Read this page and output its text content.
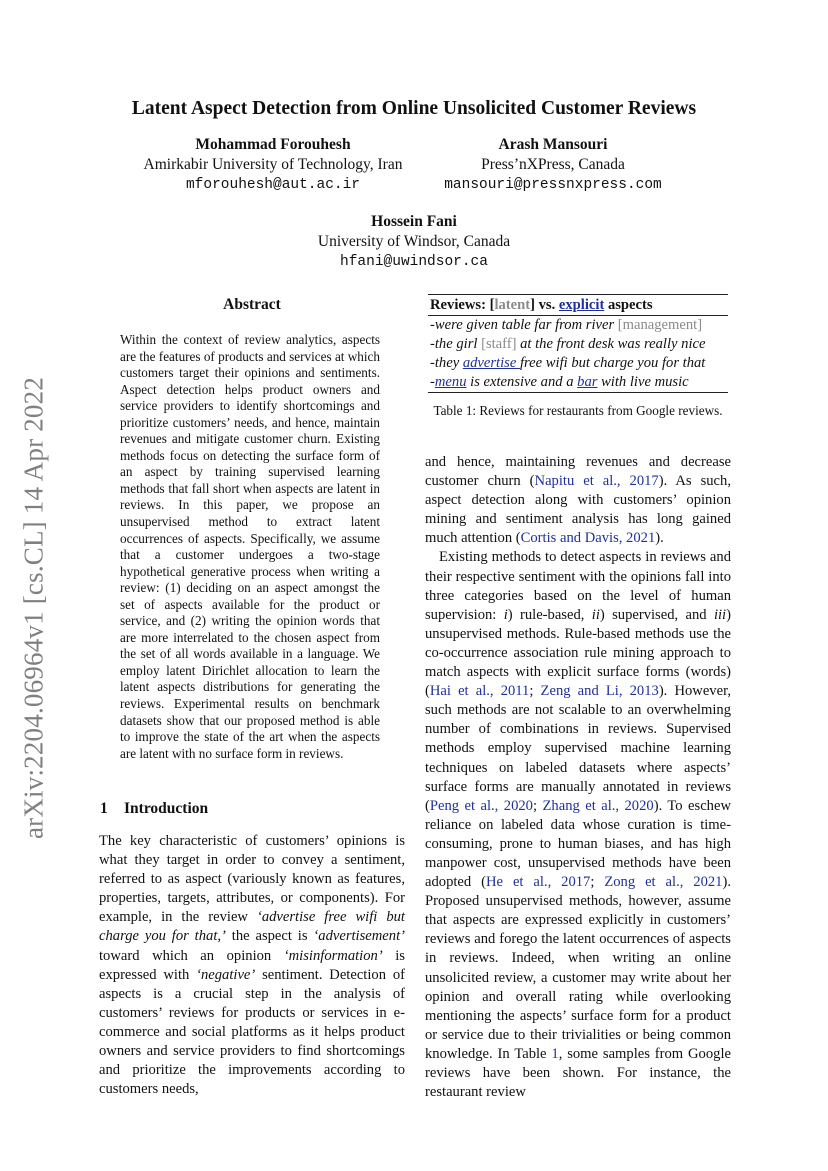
arXiv:2204.06964v1 [cs.CL] 14 Apr 2022
Latent Aspect Detection from Online Unsolicited Customer Reviews
Mohammad Forouhesh
Amirkabir University of Technology, Iran
mforouhesh@aut.ac.ir
Arash Mansouri
Press’nXPress, Canada
mansouri@pressnxpress.com
Hossein Fani
University of Windsor, Canada
hfani@uwindsor.ca
Abstract
Within the context of review analytics, aspects are the features of products and services at which customers target their opinions and sentiments. Aspect detection helps product owners and service providers to identify shortcomings and prioritize customers’ needs, and hence, maintain revenues and mitigate customer churn. Existing methods focus on detecting the surface form of an aspect by training supervised learning methods that fall short when aspects are latent in reviews. In this paper, we propose an unsupervised method to extract latent occurrences of aspects. Specifically, we assume that a customer undergoes a two-stage hypothetical generative process when writing a review: (1) deciding on an aspect amongst the set of aspects available for the product or service, and (2) writing the opinion words that are more interrelated to the chosen aspect from the set of all words available in a language. We employ latent Dirichlet allocation to learn the latent aspects distributions for generating the reviews. Experimental results on benchmark datasets show that our proposed method is able to improve the state of the art when the aspects are latent with no surface form in reviews.
Reviews: [latent] vs. explicit aspects
-were given table far from river [management]
-the girl [staff] at the front desk was really nice
-they advertise free wifi but charge you for that
-menu is extensive and a bar with live music
Table 1: Reviews for restaurants from Google reviews.
1 Introduction

The key characteristic of customers’ opinions is what they target in order to convey a sentiment, referred to as aspect (variously known as features, properties, targets, attributes, or components). For example, in the review ‘advertise free wifi but charge you for that,’ the aspect is ‘advertisement’ toward which an opinion ‘misinformation’ is expressed with ‘negative’ sentiment. Detection of aspects is a crucial step in the analysis of customers’ reviews for products or services in e-commerce and social platforms as it helps product owners and service providers to find shortcomings and prioritize the improvements according to customers needs,

and hence, maintaining revenues and decrease customer churn (Napitu et al., 2017). As such, aspect detection along with customers’ opinion mining and sentiment analysis has long gained much attention (Cortis and Davis, 2021).

Existing methods to detect aspects in reviews and their respective sentiment with the opinions fall into three categories based on the level of human supervision: i) rule-based, ii) supervised, and iii) unsupervised methods. Rule-based methods use the co-occurrence association rule mining approach to match aspects with explicit surface forms (words) (Hai et al., 2011; Zeng and Li, 2013). However, such methods are not scalable to an overwhelming number of combinations in reviews. Supervised methods employ supervised machine learning techniques on labeled datasets where aspects’ surface forms are manually annotated in reviews (Peng et al., 2020; Zhang et al., 2020). To eschew reliance on labeled data whose curation is time-consuming, prone to human biases, and has high manpower cost, unsupervised methods have been adopted (He et al., 2017; Zong et al., 2021). Proposed unsupervised methods, however, assume that aspects are expressed explicitly in customers’ reviews and forego the latent occurrences of aspects in reviews. Indeed, when writing an online unsolicited review, a customer may write about her opinion and overall rating while overlooking mentioning the aspects’ surface form for a product or service due to their trivialities or being common knowledge. In Table 1, some samples from Google reviews have been shown. For instance, the restaurant review
